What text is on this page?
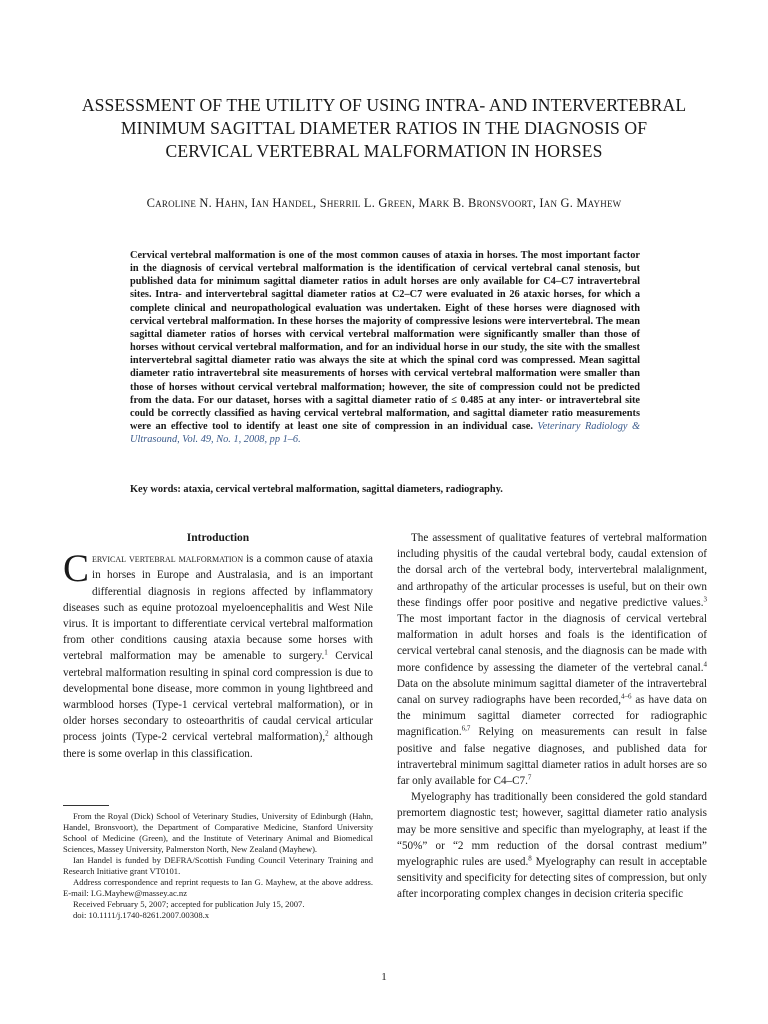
ASSESSMENT OF THE UTILITY OF USING INTRA- AND INTERVERTEBRAL
MINIMUM SAGITTAL DIAMETER RATIOS IN THE DIAGNOSIS OF
CERVICAL VERTEBRAL MALFORMATION IN HORSES
Caroline N. Hahn, Ian Handel, Sherril L. Green, Mark B. Bronsvoort, Ian G. Mayhew
Cervical vertebral malformation is one of the most common causes of ataxia in horses. The most important factor in the diagnosis of cervical vertebral malformation is the identification of cervical vertebral canal stenosis, but published data for minimum sagittal diameter ratios in adult horses are only available for C4–C7 intravertebral sites. Intra- and intervertebral sagittal diameter ratios at C2–C7 were evaluated in 26 ataxic horses, for which a complete clinical and neuropathological evaluation was undertaken. Eight of these horses were diagnosed with cervical vertebral malformation. In these horses the majority of compressive lesions were intervertebral. The mean sagittal diameter ratios of horses with cervical vertebral malformation were significantly smaller than those of horses without cervical vertebral malformation, and for an individual horse in our study, the site with the smallest intervertebral sagittal diameter ratio was always the site at which the spinal cord was compressed. Mean sagittal diameter ratio intravertebral site measurements of horses with cervical vertebral malformation were smaller than those of horses without cervical vertebral malformation; however, the site of compression could not be predicted from the data. For our dataset, horses with a sagittal diameter ratio of ≤ 0.485 at any inter- or intravertebral site could be correctly classified as having cervical vertebral malformation, and sagittal diameter ratio measurements were an effective tool to identify at least one site of compression in an individual case. Veterinary Radiology & Ultrasound, Vol. 49, No. 1, 2008, pp 1–6.
Key words: ataxia, cervical vertebral malformation, sagittal diameters, radiography.
Introduction

Cervical vertebral malformation is a common cause of ataxia in horses in Europe and Australasia, and is an important differential diagnosis in regions affected by inflammatory diseases such as equine protozoal myeloencephalitis and West Nile virus. It is important to differentiate cervical vertebral malformation from other conditions causing ataxia because some horses with vertebral malformation may be amenable to surgery.$^1$ Cervical vertebral malformation resulting in spinal cord compression is due to developmental bone disease, more common in young lightbreed and warmblood horses (Type-1 cervical vertebral malformation), or in older horses secondary to osteoarthritis of caudal cervical articular process joints (Type-2 cervical vertebral malformation),$^2$ although there is some overlap in this classification.

From the Royal (Dick) School of Veterinary Studies, University of Edinburgh (Hahn, Handel, Bronsvoort), the Department of Comparative Medicine, Stanford University School of Medicine (Green), and the Institute of Veterinary Animal and Biomedical Sciences, Massey University, Palmerston North, New Zealand (Mayhew).

Ian Handel is funded by DEFRA/Scottish Funding Council Veterinary Training and Research Initiative grant VT0101.

Address correspondence and reprint requests to Ian G. Mayhew, at the above address. E-mail: I.G.Mayhew@massey.ac.nz

Received February 5, 2007; accepted for publication July 15, 2007.

doi: 10.1111/j.1740-8261.2007.00308.x

The assessment of qualitative features of vertebral malformation including physitis of the caudal vertebral body, caudal extension of the dorsal arch of the vertebral body, intervertebral malalignment, and arthropathy of the articular processes is useful, but on their own these findings offer poor positive and negative predictive values.$^3$ The most important factor in the diagnosis of cervical vertebral malformation in adult horses and foals is the identification of cervical vertebral canal stenosis, and the diagnosis can be made with more confidence by assessing the diameter of the vertebral canal.$^4$ Data on the absolute minimum sagittal diameter of the intravertebral canal on survey radiographs have been recorded,$^{4-6}$ as have data on the minimum sagittal diameter corrected for radiographic magnification.$^{6,7}$ Relying on measurements can result in false positive and false negative diagnoses, and published data for intravertebral minimum sagittal diameter ratios in adult horses are so far only available for C4–C7.$^7$

Myelography has traditionally been considered the gold standard premortem diagnostic test; however, sagittal diameter ratio analysis may be more sensitive and specific than myelography, at least if the “50%” or “2 mm reduction of the dorsal contrast medium” myelographic rules are used.$^8$ Myelography can result in acceptable sensitivity and specificity for detecting sites of compression, but only after incorporating complex changes in decision criteria specific

1
